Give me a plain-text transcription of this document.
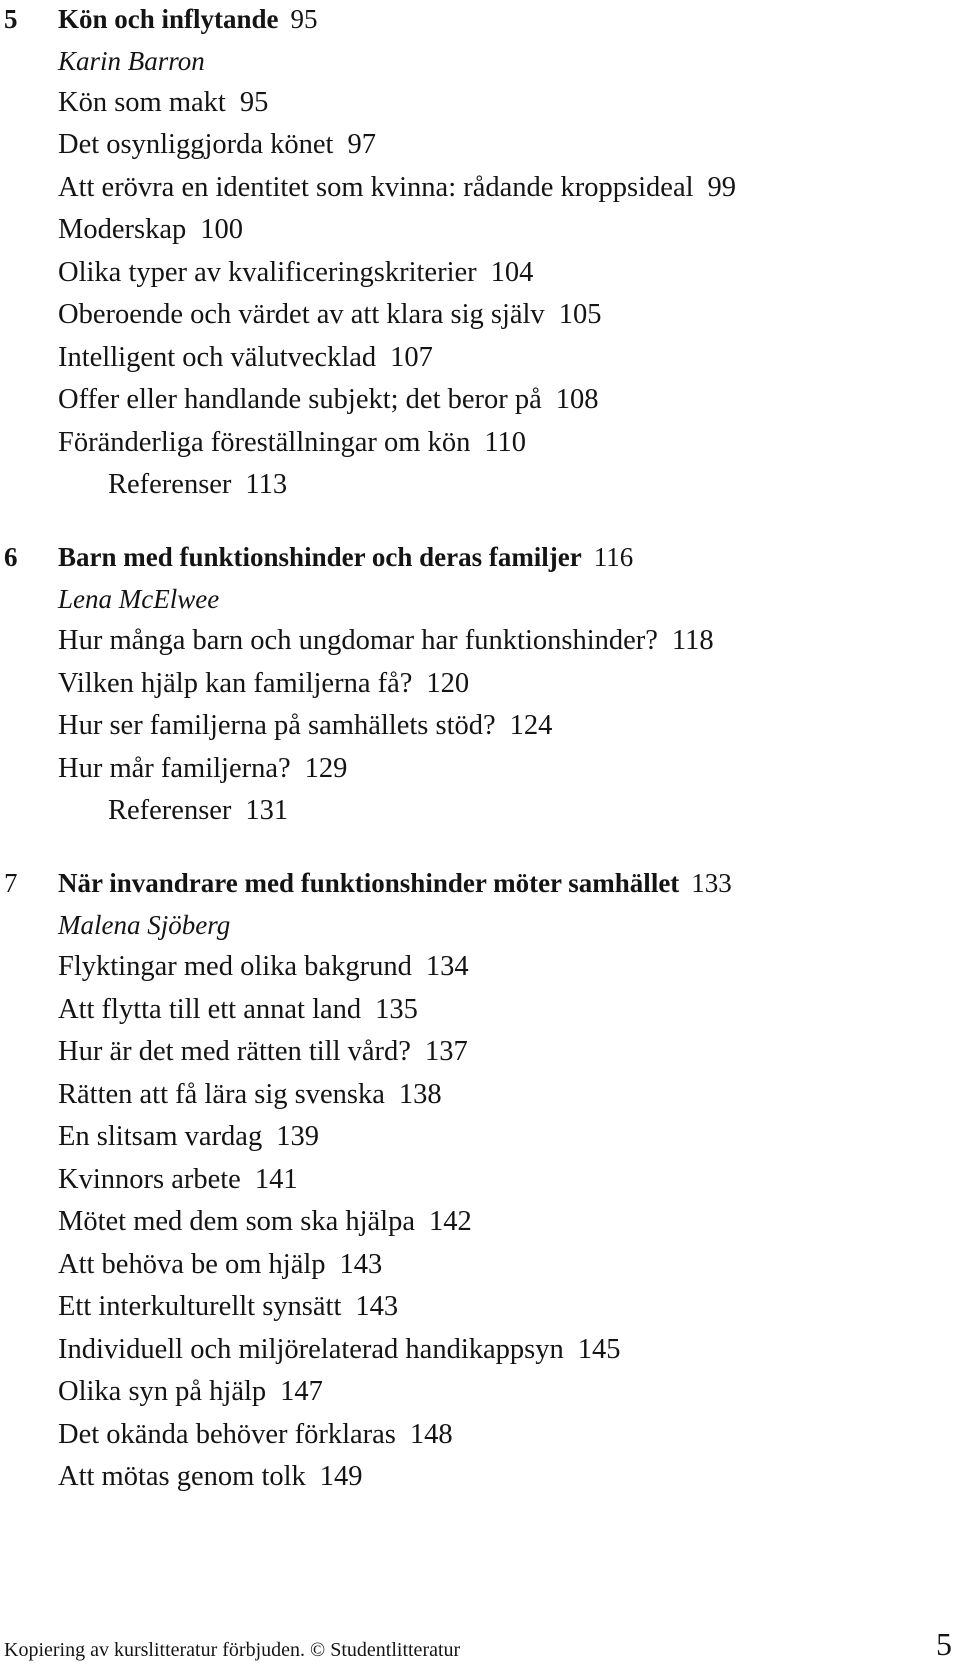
5 Kön och inflytande 95
Karin Barron
Kön som makt 95
Det osynliggjorda könet 97
Att erövra en identitet som kvinna: rådande kroppsideal 99
Moderskap 100
Olika typer av kvalificeringskriterier 104
Oberoende och värdet av att klara sig själv 105
Intelligent och välutvecklad 107
Offer eller handlande subjekt; det beror på 108
Föränderliga föreställningar om kön 110
Referenser 113
6 Barn med funktionshinder och deras familjer 116
Lena McElwee
Hur många barn och ungdomar har funktionshinder? 118
Vilken hjälp kan familjerna få? 120
Hur ser familjerna på samhällets stöd? 124
Hur mår familjerna? 129
Referenser 131
7 När invandrare med funktionshinder möter samhället 133
Malena Sjöberg
Flyktingar med olika bakgrund 134
Att flytta till ett annat land 135
Hur är det med rätten till vård? 137
Rätten att få lära sig svenska 138
En slitsam vardag 139
Kvinnors arbete 141
Mötet med dem som ska hjälpa 142
Att behöva be om hjälp 143
Ett interkulturellt synsätt 143
Individuell och miljörelaterad handikappsyn 145
Olika syn på hjälp 147
Det okända behöver förklaras 148
Att mötas genom tolk 149
Kopiering av kurslitteratur förbjuden. © Studentlitteratur	5
